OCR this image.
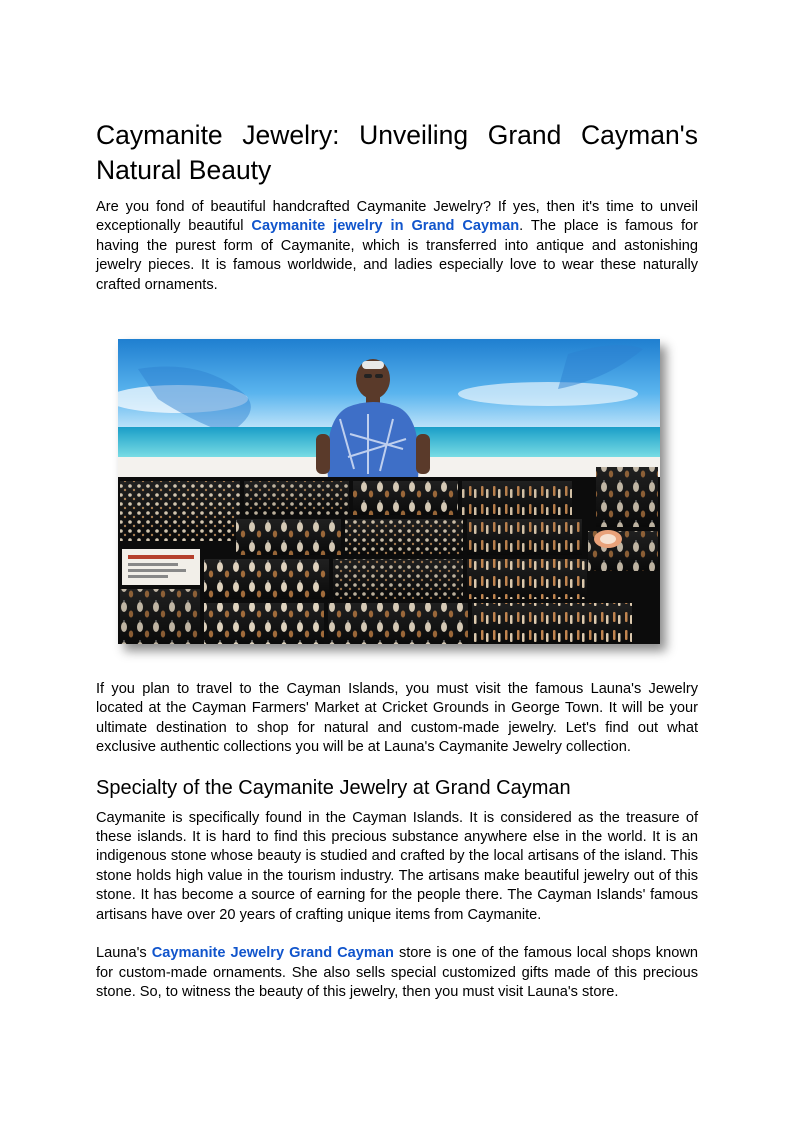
Caymanite Jewelry: Unveiling Grand Cayman's Natural Beauty

Are you fond of beautiful handcrafted Caymanite Jewelry? If yes, then it's time to unveil exceptionally beautiful Caymanite jewelry in Grand Cayman. The place is famous for having the purest form of Caymanite, which is transferred into antique and astonishing jewelry pieces. It is famous worldwide, and ladies especially love to wear these naturally crafted ornaments.

If you plan to travel to the Cayman Islands, you must visit the famous Launa's Jewelry located at the Cayman Farmers' Market at Cricket Grounds in George Town. It will be your ultimate destination to shop for natural and custom-made jewelry. Let's find out what exclusive authentic collections you will be at Launa's Caymanite Jewelry collection.

Specialty of the Caymanite Jewelry at Grand Cayman

Caymanite is specifically found in the Cayman Islands. It is considered as the treasure of these islands. It is hard to find this precious substance anywhere else in the world. It is an indigenous stone whose beauty is studied and crafted by the local artisans of the island. This stone holds high value in the tourism industry. The artisans make beautiful jewelry out of this stone. It has become a source of earning for the people there. The Cayman Islands' famous artisans have over 20 years of crafting unique items from Caymanite.

Launa's Caymanite Jewelry Grand Cayman store is one of the famous local shops known for custom-made ornaments. She also sells special customized gifts made of this precious stone. So, to witness the beauty of this jewelry, then you must visit Launa's store.
